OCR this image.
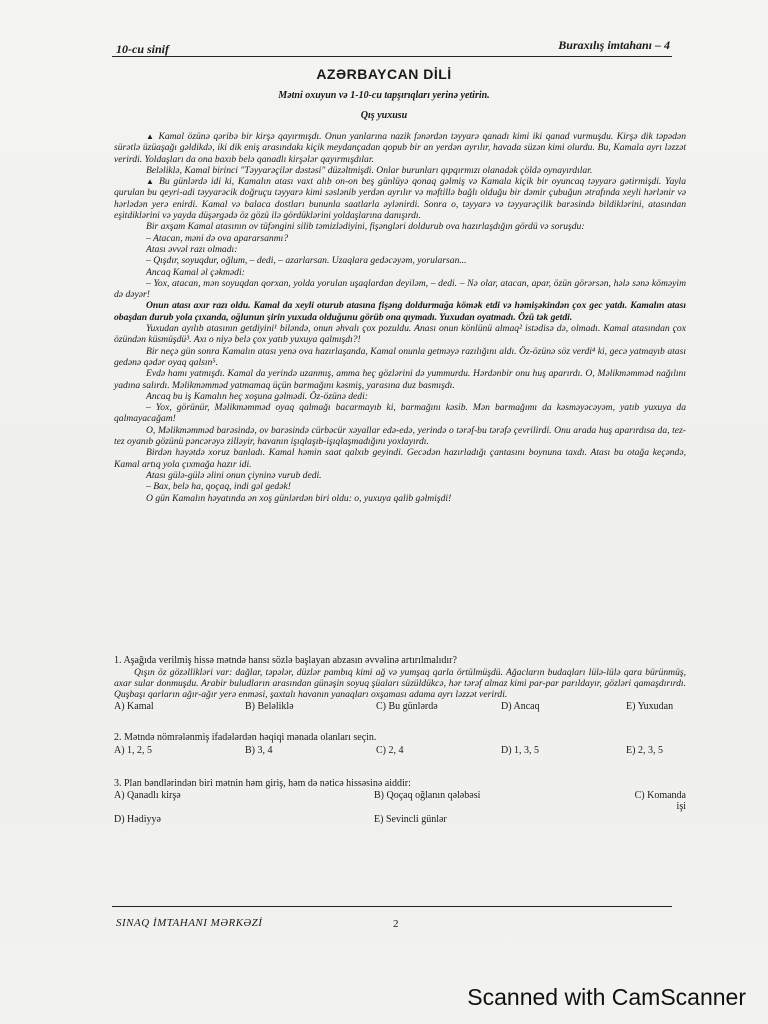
10-cu sinif	Buraxılış imtahanı – 4
AZƏRBAYCAN DİLİ
Mətni oxuyun və 1-10-cu tapşırıqları yerinə yetirin.
Qış yuxusu

▲ Kamal özünə qəribə bir kirşə qayırmışdı. Onun yanlarına nazik fənərdən təyyarə qanadı kimi iki qanad vurmuşdu. Kirşə dik təpədən sürətlə üzüaşağı gəldikdə, iki dik eniş arasındakı kiçik meydançadan qopub bir an yerdən ayrılır, havada süzən kimi olurdu. Bu, Kamala ayrı ləzzət verirdi. Yoldaşları da ona baxıb belə qanadlı kirşələr qayırmışdılar.

Beləliklə, Kamal birinci "Təyyarəçilər dəstəsi" düzəltmişdi. Onlar burunları qıpqırmızı olanadək çöldə oynayırdılar.

▲ Bu günlərdə idi ki, Kamalın atası vaxt alıb on-on beş günlüyə qonaq gəlmiş və Kamala kiçik bir oyuncaq təyyarə gətirmişdi. Yayla qurulan bu qeyri-adi təyyarəcik doğruçu təyyarə kimi səslənib yerdən ayrılır və məftillə bağlı olduğu bir dəmir çubuğun ətrafında xeyli hərlənir və hərlədən yerə enirdi. Kamal və balaca dostları bununla saatlarla əylənirdi. Sonra o, təyyarə və təyyarəçilik barəsində bildiklərini, atasından eşitdiklərini və yayda düşərgədə öz gözü ilə gördüklərini yoldaşlarına danışırdı.

Bir axşam Kamal atasının ov tüfəngini silib təmizlədiyini, fişəngləri doldurub ova hazırlaşdığın gördü və soruşdu:

– Atacan, məni də ova apararsanmı?

Atası əvvəl razı olmadı:

– Qışdır, soyuqdur, oğlum, – dedi, – azarlarsan. Uzaqlara gedəcəyəm, yorularsan...

Ancaq Kamal əl çəkmədi:

– Yox, atacan, mən soyuqdan qorxan, yolda yorulan uşaqlardan deyiləm, – dedi. – Nə olar, atacan, apar, özün görərsən, hələ sənə kömәyim də dəyər!

Onun atası axır razı oldu. Kamal da xeyli oturub atasına fişəng doldurmağa kömək etdi və həmişəkindən çox gec yatdı. Kamalın atası obaşdan durub yola çıxanda, oğlunun şirin yuxuda olduğunu görüb ona qıymadı. Yuxudan oyatmadı. Özü tək getdi.

Yuxudan ayılıb atasının getdiyini¹ biləndə, onun əhvalı çox pozuldu. Anası onun könlünü almaq² istədisə də, olmadı. Kamal atasından çox özündən küsmüşdü³. Axı o niyə belə çox yatıb yuxuya qalmışdı?!

Bir neçə gün sonra Kamalın atası yenə ova hazırlaşanda, Kamal onunla getməyə razılığını aldı. Öz-özünə söz verdi⁴ ki, gecə yatmayıb atası gedənə qədər oyaq qalsın⁵.

Evdə hamı yatmışdı. Kamal da yerində uzanmış, amma heç gözlərini də yummurdu. Hərdənbir onu huş aparırdı. O, Məlikməmməd nağılını yadına salırdı. Məlikməmməd yatmamaq üçün barmağını kəsmiş, yarasına duz basmışdı.

Ancaq bu iş Kamalın heç xoşuna gəlmədi. Öz-özünə dedi:

– Yox, görünür, Məlikməmməd oyaq qalmağı bacarmayıb ki, barmağını kəsib. Mən barmağımı da kəsməyəcəyəm, yatıb yuxuya da qalmayacağam!

O, Məlikməmməd barəsində, ov barəsində cürbəcür xəyallar edə-edə, yerində o tərəf-bu tərəfə çevrilirdi. Onu arada huş aparırdısa da, tez-tez oyanıb gözünü pəncərəyə zilləyir, havanın işıqlaşıb-işıqlaşmadığını yoxlayırdı.

Birdən həyətdə xoruz banladı. Kamal həmin saat qalxıb geyindi. Gecədən hazırladığı çantasını boynuna taxdı. Atası bu otağa keçəndə, Kamal artıq yola çıxmağa hazır idi.

Atası gülə-gülə əlini onun çiyninə vurub dedi.

– Bax, belə ha, qoçaq, indi gəl gedək!

O gün Kamalın həyatında ən xoş günlərdən biri oldu: o, yuxuya qalib gəlmişdi!

1. Aşağıda verilmiş hissə mətndə hansı sözlə başlayan abzasın əvvəlinə artırılmalıdır?

Qışın öz gözəllikləri var: dağlar, təpələr, düzlər pambıq kimi ağ və yumşaq qarla örtülmüşdü. Ağacların budaqları lülə-lülə qara bürünmüş, axar sular donmuşdu. Arabir buludların arasından günəşin soyuq şüaları süzüldükcə, hər tərəf almaz kimi par-par parıldayır, gözləri qamaşdırırdı. Quşbaşı qarların ağır-ağır yerə enməsi, şaxtalı havanın yanaqları oxşaması adama ayrı ləzzət verirdi.

A) Kamal	B) Beləliklə	C) Bu günlərdə	D) Ancaq	E) Yuxudan

2. Mətndə nömrələnmiş ifadələrdən həqiqi mənada olanları seçin.

A) 1, 2, 5	B) 3, 4	C) 2, 4	D) 1, 3, 5	E) 2, 3, 5

3. Plan bəndlərindən biri mətnin həm giriş, həm də nəticə hissəsinə aiddir:

A) Qanadlı kirşə	B) Qoçaq oğlanın qələbəsi	C) Komanda işi
D) Hədiyyə	E) Sevincli günlər
SINAQ İMTAHANI MƏRKƏZİ	2
Scanned with CamScanner
